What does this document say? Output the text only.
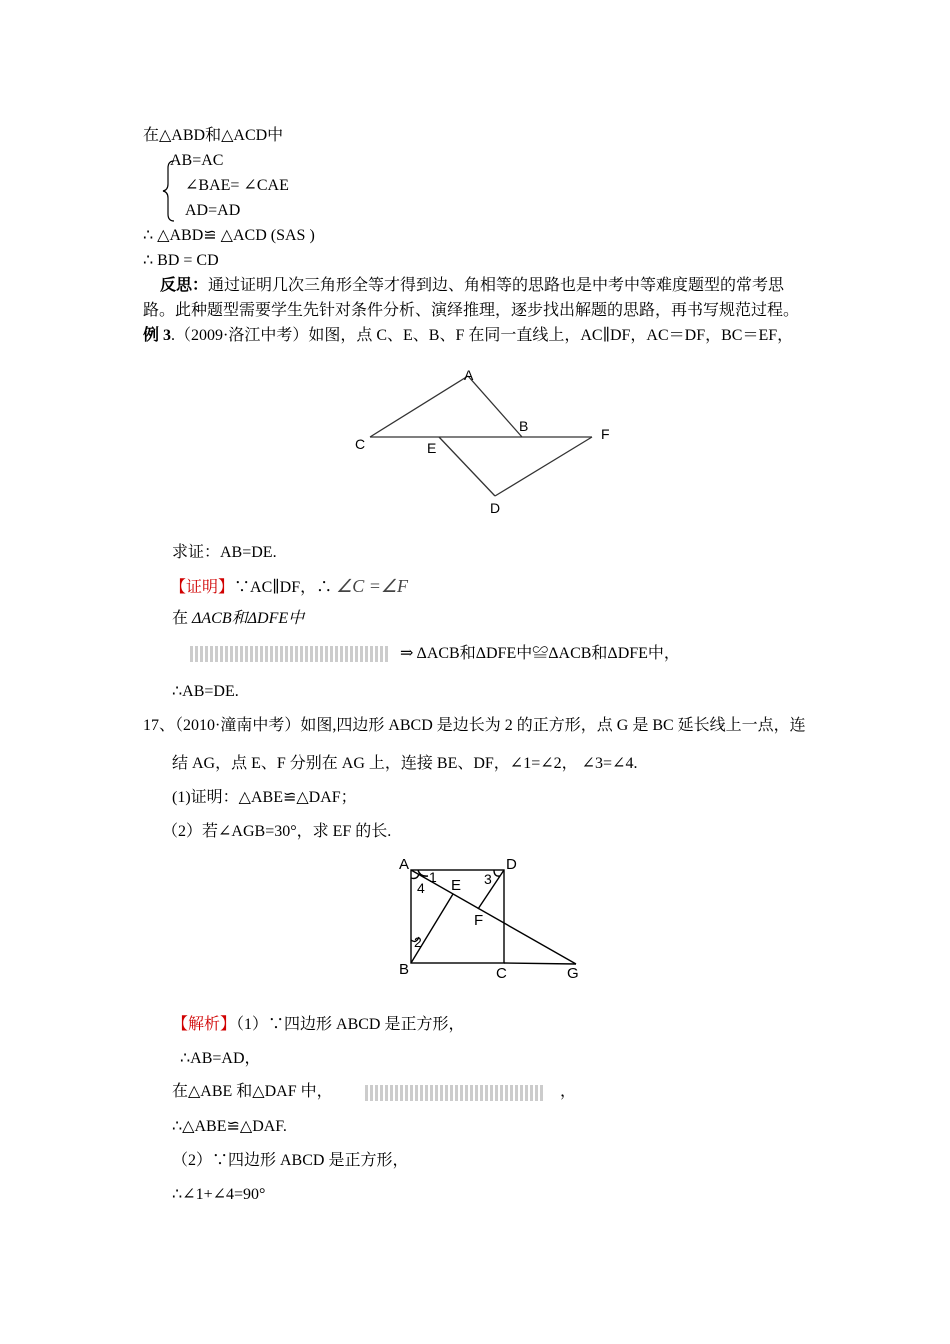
在△ABD和△ACD中
AB=AC
∠BAE= ∠CAE
AD=AD
∴ △ABD≌ △ACD (SAS )
∴ BD = CD
反思：通过证明几次三角形全等才得到边、角相等的思路也是中考中等难度题型的常考思
路。此种题型需要学生先针对条件分析、演绎推理，逐步找出解题的思路，再书写规范过程。
例 3.（2009·洛江中考）如图，点 C、E、B、F 在同一直线上，AC∥DF，AC＝DF，BC＝EF，
A
B
C	E
F
D
求证：AB=DE.
【证明】∵AC∥DF，∴ ∠C =∠F
在 ΔACB和ΔDFE中
⇒ ΔACB和ΔDFE中≌ΔACB和ΔDFE中，
∴AB=DE.
17、（2010·潼南中考）如图,四边形 ABCD 是边长为 2 的正方形，点 G 是 BC 延长线上一点，连
结 AG，点 E、F 分别在 AG 上，连接 BE、DF，∠1=∠2， ∠3=∠4.
(1)证明：△ABE≌△DAF；
（2）若∠AGB=30°，求 EF 的长.
A	D
B	C	G
E
F
1
2
3
4
【解析】（1）∵四边形 ABCD 是正方形，
∴AB=AD，
在△ABE 和△DAF 中，	，
∴△ABE≌△DAF.
（2）∵四边形 ABCD 是正方形，
∴∠1+∠4=90°
